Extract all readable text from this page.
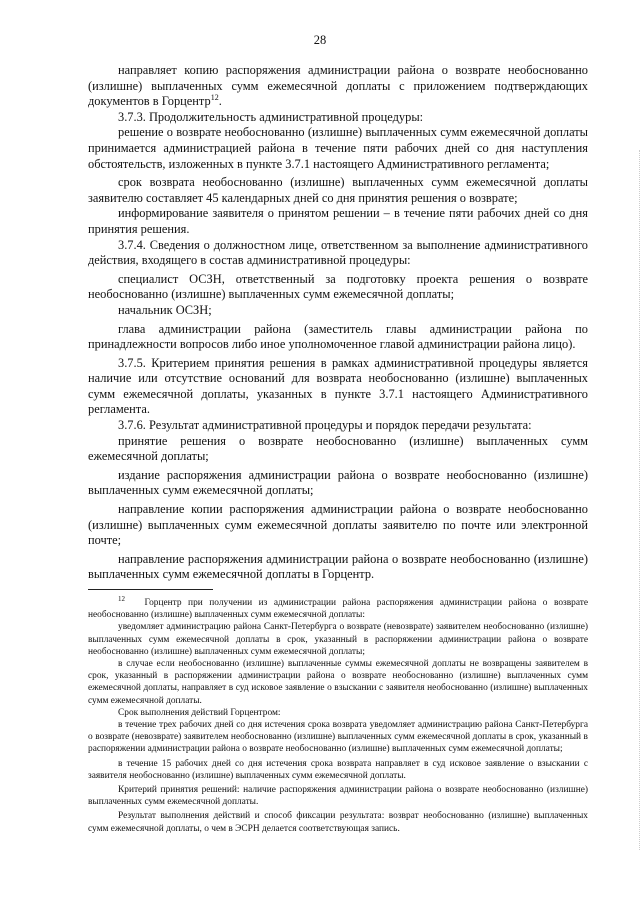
28

направляет копию распоряжения администрации района о возврате необоснованно (излишне) выплаченных сумм ежемесячной доплаты с приложением подтверждающих документов в Горцентр$^{12}$.

3.7.3. Продолжительность административной процедуры:

решение о возврате необоснованно (излишне) выплаченных сумм ежемесячной доплаты принимается администрацией района в течение пяти рабочих дней со дня наступления обстоятельств, изложенных в пункте 3.7.1 настоящего Административного регламента;

срок возврата необоснованно (излишне) выплаченных сумм ежемесячной доплаты заявителю составляет 45 календарных дней со дня принятия решения о возврате;

информирование заявителя о принятом решении – в течение пяти рабочих дней со дня принятия решения.

3.7.4. Сведения о должностном лице, ответственном за выполнение административного действия, входящего в состав административной процедуры:

специалист ОСЗН, ответственный за подготовку проекта решения о возврате необоснованно (излишне) выплаченных сумм ежемесячной доплаты;

начальник ОСЗН;

глава администрации района (заместитель главы администрации района по принадлежности вопросов либо иное уполномоченное главой администрации района лицо).

3.7.5. Критерием принятия решения в рамках административной процедуры является наличие или отсутствие оснований для возврата необоснованно (излишне) выплаченных сумм ежемесячной доплаты, указанных в пункте 3.7.1 настоящего Административного регламента.

3.7.6. Результат административной процедуры и порядок передачи результата:

принятие решения о возврате необоснованно (излишне) выплаченных сумм ежемесячной доплаты;

издание распоряжения администрации района о возврате необоснованно (излишне) выплаченных сумм ежемесячной доплаты;

направление копии распоряжения администрации района о возврате необоснованно (излишне) выплаченных сумм ежемесячной доплаты заявителю по почте или электронной почте;

направление распоряжения администрации района о возврате необоснованно (излишне) выплаченных сумм ежемесячной доплаты в Горцентр.

$^{12}$ Горцентр при получении из администрации района распоряжения администрации района о возврате необоснованно (излишне) выплаченных сумм ежемесячной доплаты:

уведомляет администрацию района Санкт-Петербурга о возврате (невозврате) заявителем необоснованно (излишне) выплаченных сумм ежемесячной доплаты в срок, указанный в распоряжении администрации района о возврате необоснованно (излишне) выплаченных сумм ежемесячной доплаты;

в случае если необоснованно (излишне) выплаченные суммы ежемесячной доплаты не возвращены заявителем в срок, указанный в распоряжении администрации района о возврате необоснованно (излишне) выплаченных сумм ежемесячной доплаты, направляет в суд исковое заявление о взыскании с заявителя необоснованно (излишне) выплаченных сумм ежемесячной доплаты.

Срок выполнения действий Горцентром:

в течение трех рабочих дней со дня истечения срока возврата уведомляет администрацию района Санкт-Петербурга о возврате (невозврате) заявителем необоснованно (излишне) выплаченных сумм ежемесячной доплаты в срок, указанный в распоряжении администрации района о возврате необоснованно (излишне) выплаченных сумм ежемесячной доплаты;

в течение 15 рабочих дней со дня истечения срока возврата направляет в суд исковое заявление о взыскании с заявителя необоснованно (излишне) выплаченных сумм ежемесячной доплаты.

Критерий принятия решений: наличие распоряжения администрации района о возврате необоснованно (излишне) выплаченных сумм ежемесячной доплаты.

Результат выполнения действий и способ фиксации результата: возврат необоснованно (излишне) выплаченных сумм ежемесячной доплаты, о чем в ЭСРН делается соответствующая запись.
